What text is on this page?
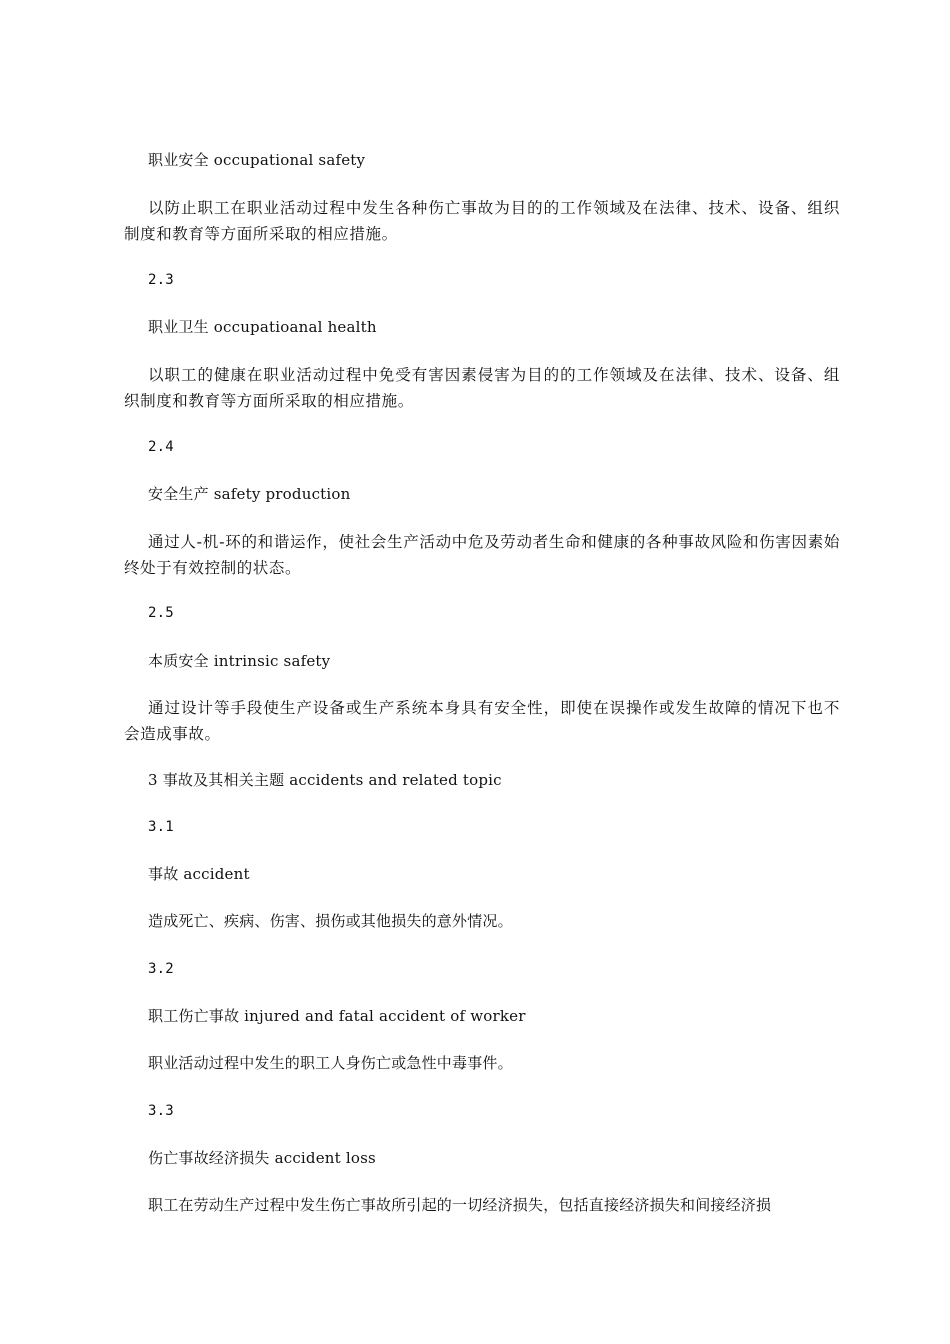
职业安全 occupational safety
以防止职工在职业活动过程中发生各种伤亡事故为目的的工作领域及在法律、技术、设备、组织制度和教育等方面所采取的相应措施。
2.3
职业卫生 occupatioanal health
以职工的健康在职业活动过程中免受有害因素侵害为目的的工作领域及在法律、技术、设备、组织制度和教育等方面所采取的相应措施。
2.4
安全生产 safety production
通过人-机-环的和谐运作，使社会生产活动中危及劳动者生命和健康的各种事故风险和伤害因素始终处于有效控制的状态。
2.5
本质安全 intrinsic safety
通过设计等手段使生产设备或生产系统本身具有安全性，即使在误操作或发生故障的情况下也不会造成事故。
3 事故及其相关主题 accidents and related topic
3.1
事故 accident
造成死亡、疾病、伤害、损伤或其他损失的意外情况。
3.2
职工伤亡事故 injured and fatal accident of worker
职业活动过程中发生的职工人身伤亡或急性中毒事件。
3.3
伤亡事故经济损失 accident loss
职工在劳动生产过程中发生伤亡事故所引起的一切经济损失，包括直接经济损失和间接经济损
